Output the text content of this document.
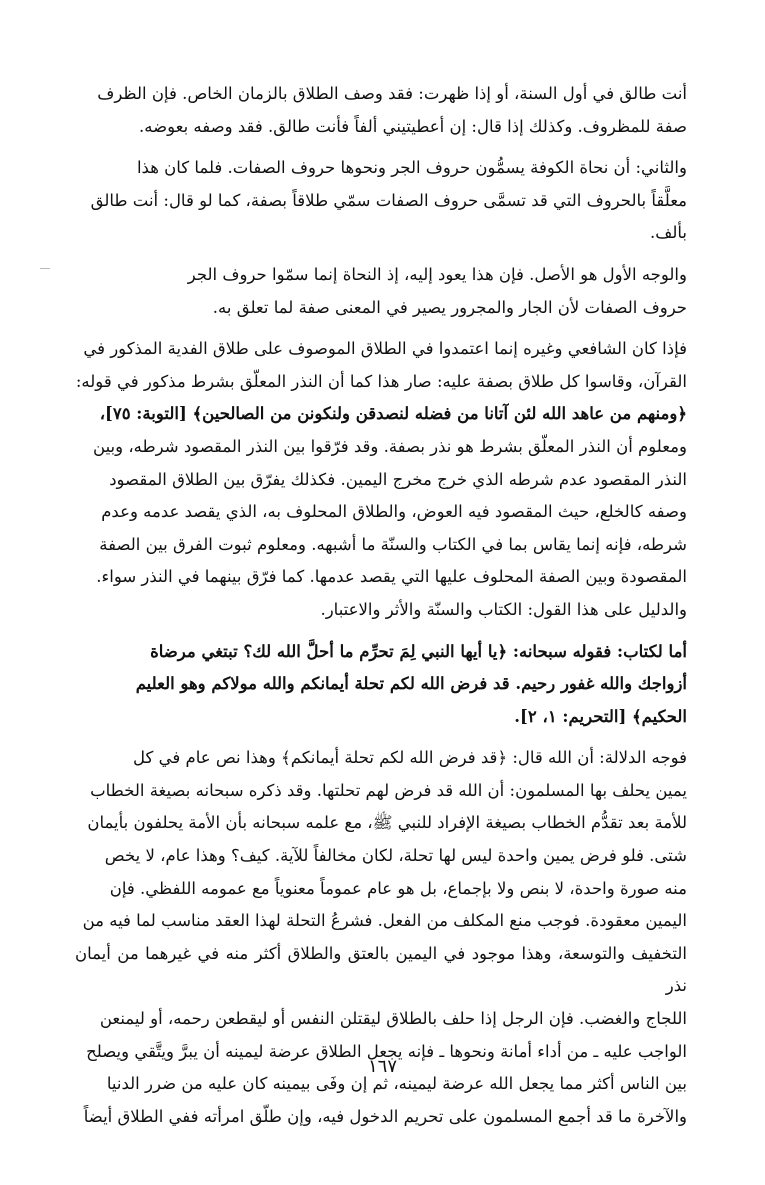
أنت طالق في أول السنة، أو إذا ظهرت: فقد وصف الطلاق بالزمان الخاص. فإن الظرف
صفة للمظروف. وكذلك إذا قال: إن أعطيتيني ألفاً فأنت طالق. فقد وصفه بعوضه.

والثاني: أن نحاة الكوفة يسمُّون حروف الجر ونحوها حروف الصفات. فلما كان هذا
معلَّقاً بالحروف التي قد تسمَّى حروف الصفات سمّي طلاقاً بصفة، كما لو قال: أنت طالق
بألف.

والوجه الأول هو الأصل. فإن هذا يعود إليه، إذ النحاة إنما سمّوا حروف الجر
حروف الصفات لأن الجار والمجرور يصير في المعنى صفة لما تعلق به.

فإذا كان الشافعي وغيره إنما اعتمدوا في الطلاق الموصوف على طلاق الفدية المذكور في
القرآن، وقاسوا كل طلاق بصفة عليه: صار هذا كما أن النذر المعلّق بشرط مذكور في قوله:
﴿ومنهم من عاهد الله لئن آتانا من فضله لنصدقن ولنكونن من الصالحين﴾ [التوبة: ٧٥]،
ومعلوم أن النذر المعلّق بشرط هو نذر بصفة. وقد فرّقوا بين النذر المقصود شرطه، وبين
النذر المقصود عدم شرطه الذي خرج مخرج اليمين. فكذلك يفرّق بين الطلاق المقصود
وصفه كالخلع، حيث المقصود فيه العوض، والطلاق المحلوف به، الذي يقصد عدمه وعدم
شرطه، فإنه إنما يقاس بما في الكتاب والسنّة ما أشبهه. ومعلوم ثبوت الفرق بين الصفة
المقصودة وبين الصفة المحلوف عليها التي يقصد عدمها. كما فرّق بينهما في النذر سواء.
والدليل على هذا القول: الكتاب والسنّة والأثر والاعتبار.

أما لكتاب: فقوله سبحانه: ﴿يا أيها النبي لِمَ تحرِّم ما أحلَّ الله لك؟ تبتغي مرضاة
أزواجك والله غفور رحيم. قد فرض الله لكم تحلة أيمانكم والله مولاكم وهو العليم
الحكيم﴾ [التحريم: ١، ٢].

فوجه الدلالة: أن الله قال: ﴿قد فرض الله لكم تحلة أيمانكم﴾ وهذا نص عام في كل
يمين يحلف بها المسلمون: أن الله قد فرض لهم تحلتها. وقد ذكره سبحانه بصيغة الخطاب
للأمة بعد تقدُّم الخطاب بصيغة الإفراد للنبي ﷺ، مع علمه سبحانه بأن الأمة يحلفون بأيمان
شتى. فلو فرض يمين واحدة ليس لها تحلة، لكان مخالفاً للآية. كيف؟ وهذا عام، لا يخص
منه صورة واحدة، لا بنص ولا بإجماع، بل هو عام عموماً معنوياً مع عمومه اللفظي. فإن
اليمين معقودة. فوجب منع المكلف من الفعل. فشرعُ التحلة لهذا العقد مناسب لما فيه من
التخفيف والتوسعة، وهذا موجود في اليمين بالعتق والطلاق أكثر منه في غيرهما من أيمان نذر
اللجاج والغضب. فإن الرجل إذا حلف بالطلاق ليقتلن النفس أو ليقطعن رحمه، أو ليمنعن
الواجب عليه ـ من أداء أمانة ونحوها ـ فإنه يجعل الطلاق عرضة ليمينه أن يبرَّ ويتَّقي ويصلح
بين الناس أكثر مما يجعل الله عرضة ليمينه، ثم إن وفَى بيمينه كان عليه من ضرر الدنيا
والآخرة ما قد أجمع المسلمون على تحريم الدخول فيه، وإن طلّق امرأته ففي الطلاق أيضاً

١٦٧
